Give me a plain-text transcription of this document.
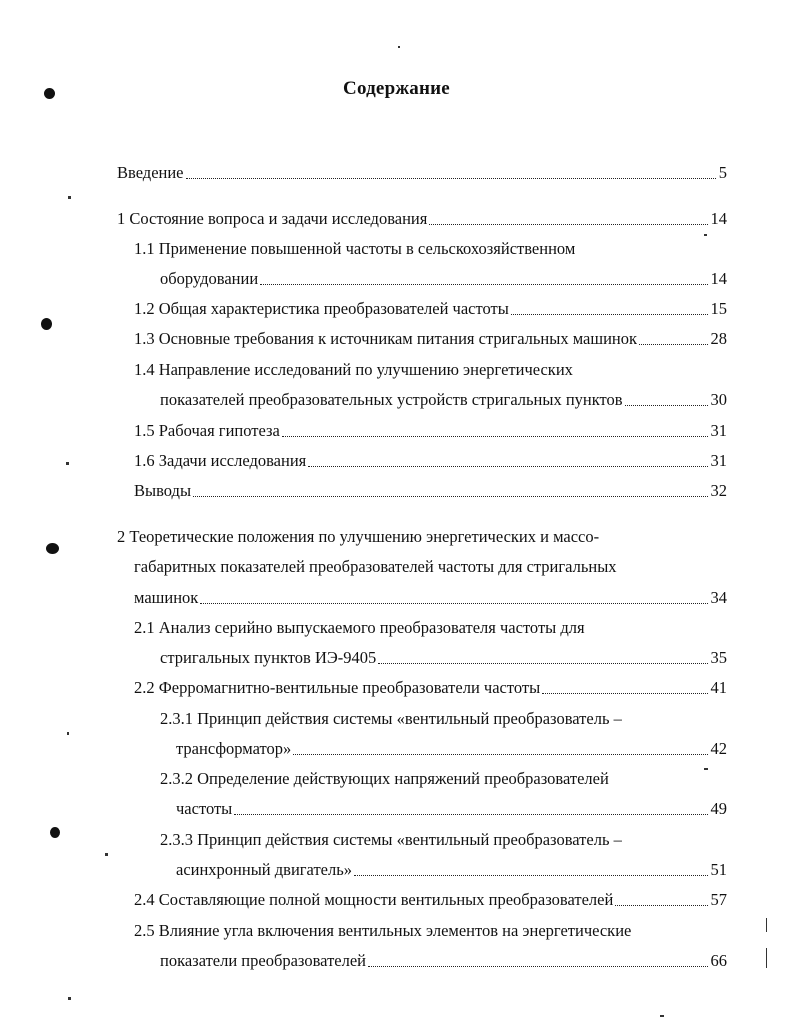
Содержание
Введение	5
1 Состояние вопроса и задачи исследования	14
1.1 Применение повышенной частоты в сельскохозяйственном
оборудовании	14
1.2 Общая характеристика преобразователей частоты	15
1.3 Основные требования к источникам питания стригальных машинок	28
1.4 Направление исследований по улучшению энергетических
показателей преобразовательных устройств стригальных пунктов	30
1.5 Рабочая гипотеза	31
1.6 Задачи исследования	31
Выводы	32
2 Теоретические положения по улучшению энергетических и массо-
габаритных показателей преобразователей частоты для стригальных
машинок	34
2.1 Анализ серийно выпускаемого преобразователя частоты для
стригальных пунктов ИЭ-9405	35
2.2 Ферромагнитно-вентильные преобразователи частоты	41
2.3.1 Принцип действия системы «вентильный преобразователь –
трансформатор»	42
2.3.2 Определение действующих напряжений преобразователей
частоты	49
2.3.3 Принцип действия системы «вентильный преобразователь –
асинхронный двигатель»	51
2.4 Составляющие полной мощности вентильных преобразователей	57
2.5 Влияние угла включения вентильных элементов на энергетические
показатели преобразователей	66
